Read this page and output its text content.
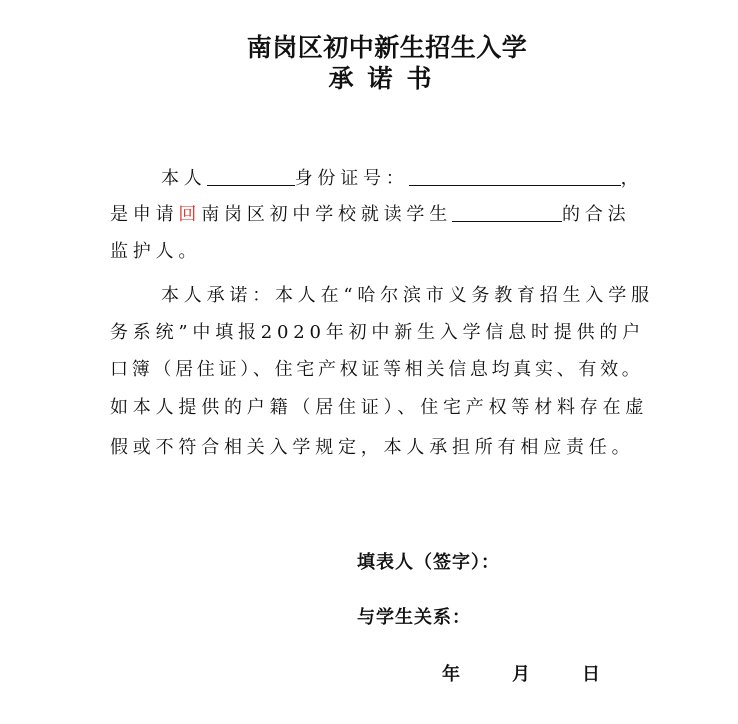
南岗区初中新生招生入学
承诺书
本人	身份证号：	，
是申请回南岗区初中学校就读学生	的合法
监护人。
本人承诺：本人在“哈尔滨市义务教育招生入学服
务系统”中填报2020年初中新生入学信息时提供的户
口簿（居住证）、住宅产权证等相关信息均真实、有效。
如本人提供的户籍（居住证）、住宅产权等材料存在虚
假或不符合相关入学规定，本人承担所有相应责任。
填表人（签字）：
与学生关系：
年	月	日
